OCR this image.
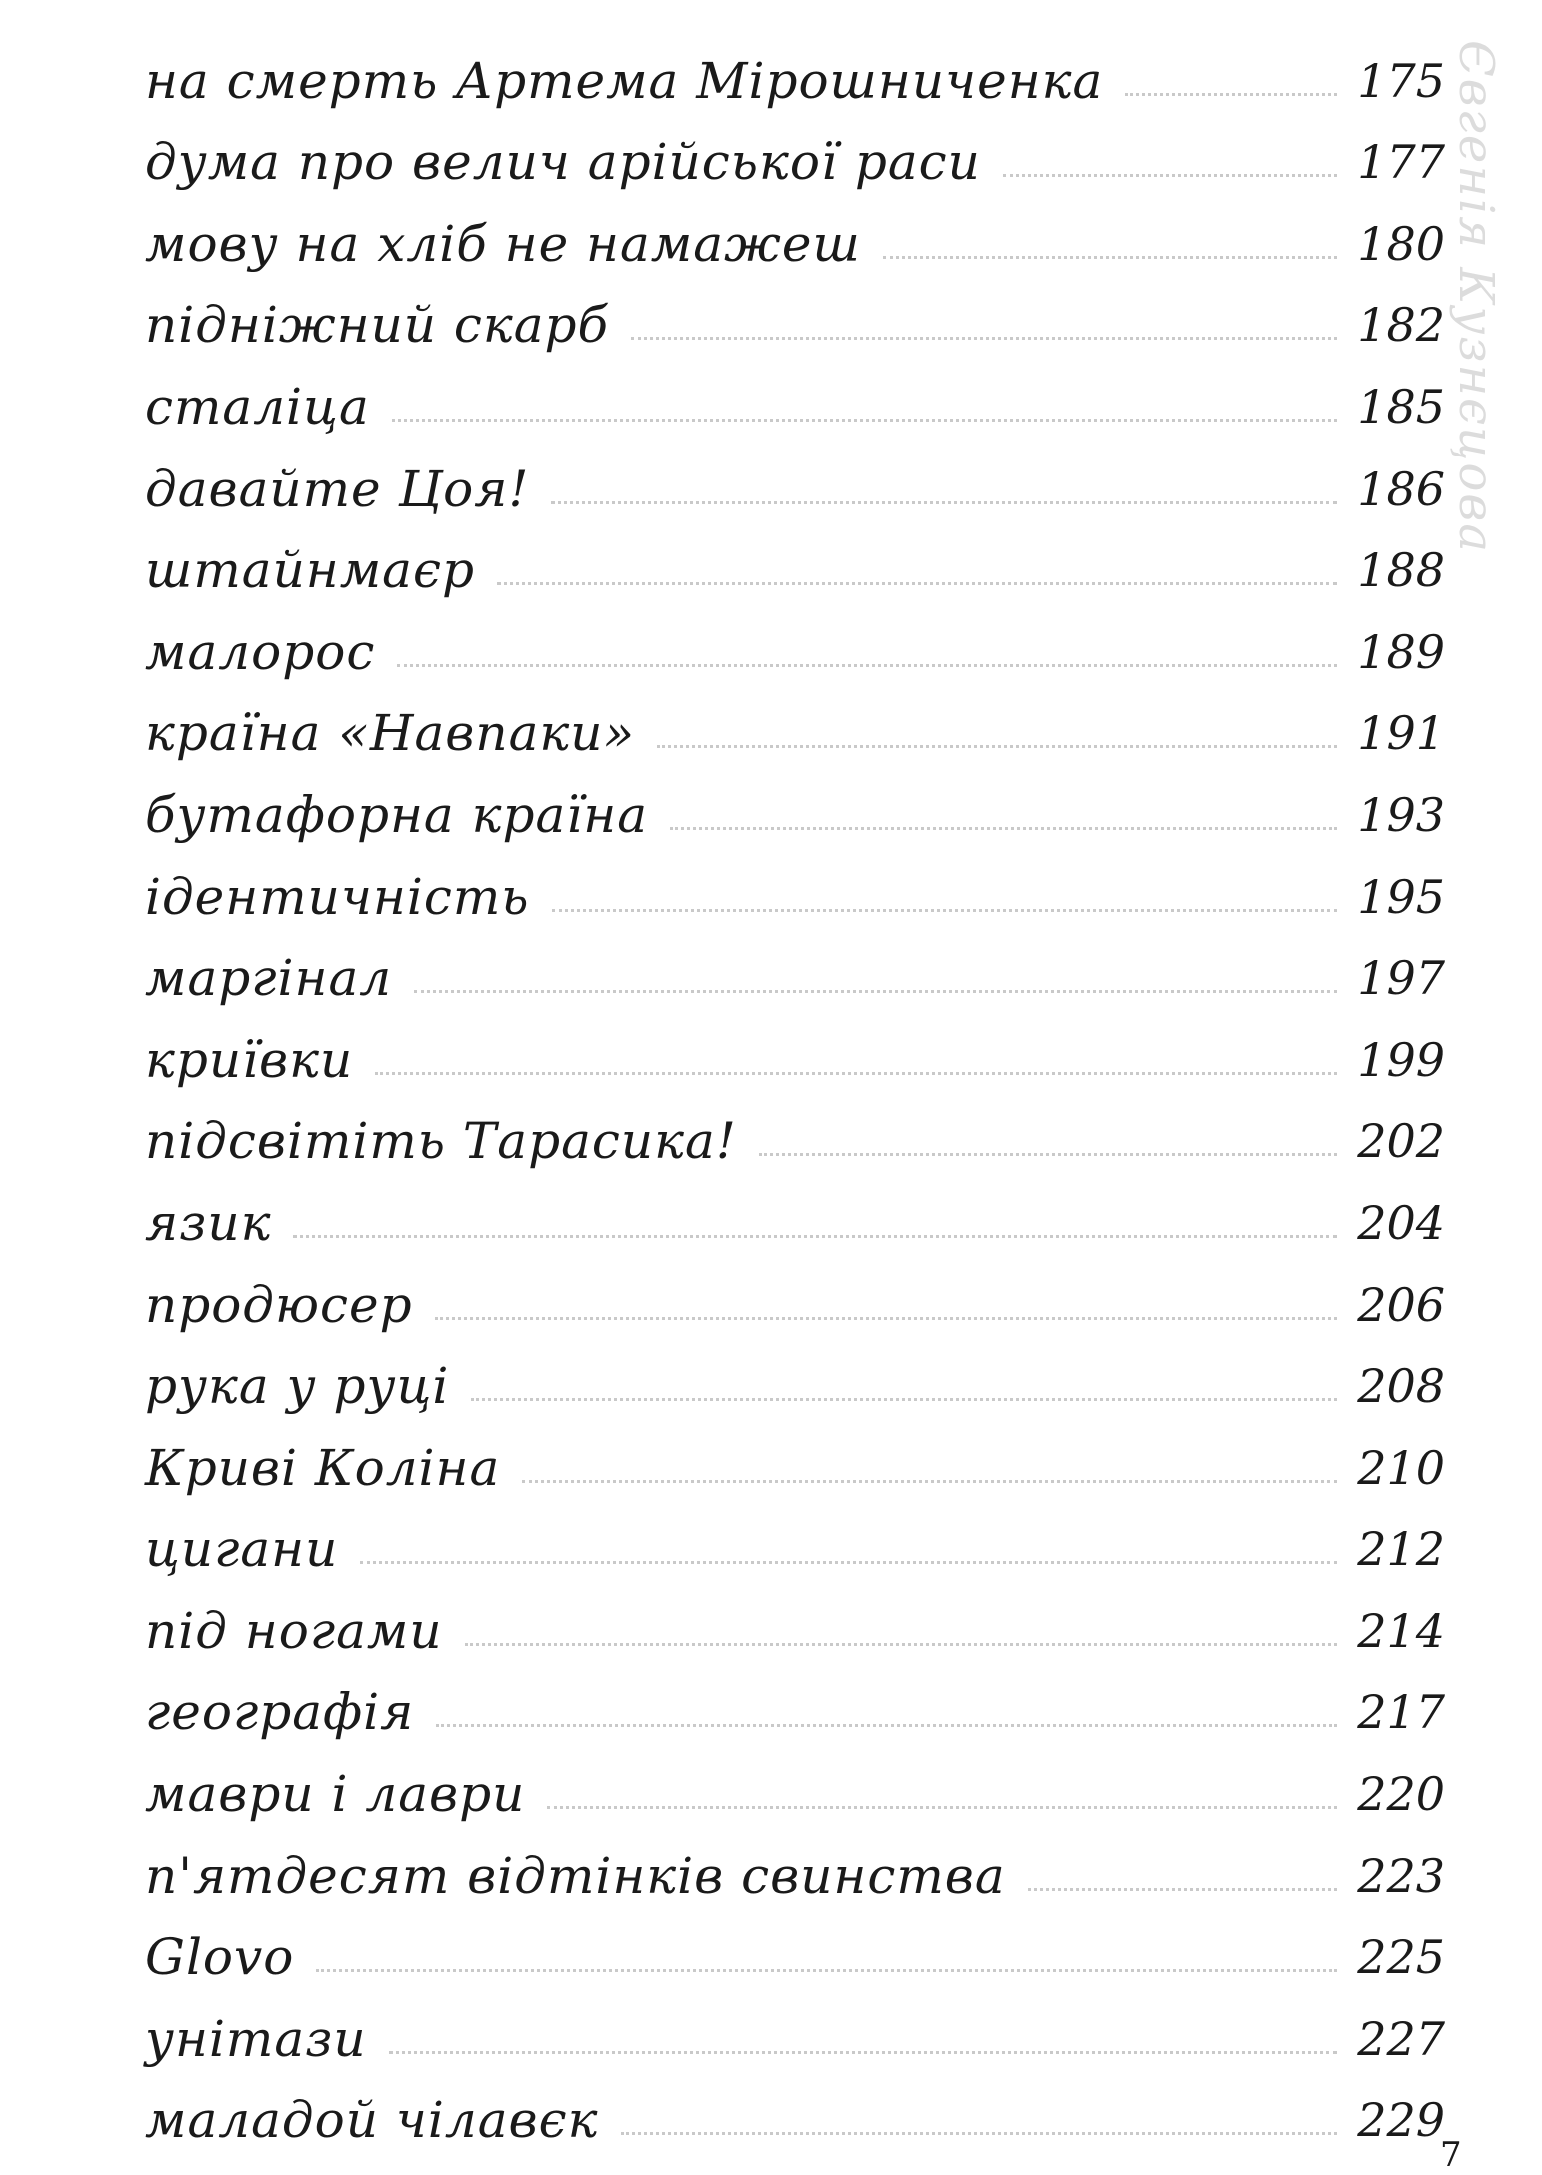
Євгенія Кузнєцова
на смерть Артема Мірошниченка	175
дума про велич арійської раси	177
мову на хліб не намажеш	180
підніжний скарб	182
сталіца	185
давайте Цоя!	186
штайнмаєр	188
малорос	189
країна «Навпаки»	191
бутафорна країна	193
ідентичність	195
маргінал	197
криївки	199
підсвітіть Тарасика!	202
язик	204
продюсер	206
рука у руці	208
Криві Коліна	210
цигани	212
під ногами	214
географія	217
маври і лаври	220
п'ятдесят відтінків свинства	223
Glovo	225
унітази	227
маладой чілавєк	229
7
